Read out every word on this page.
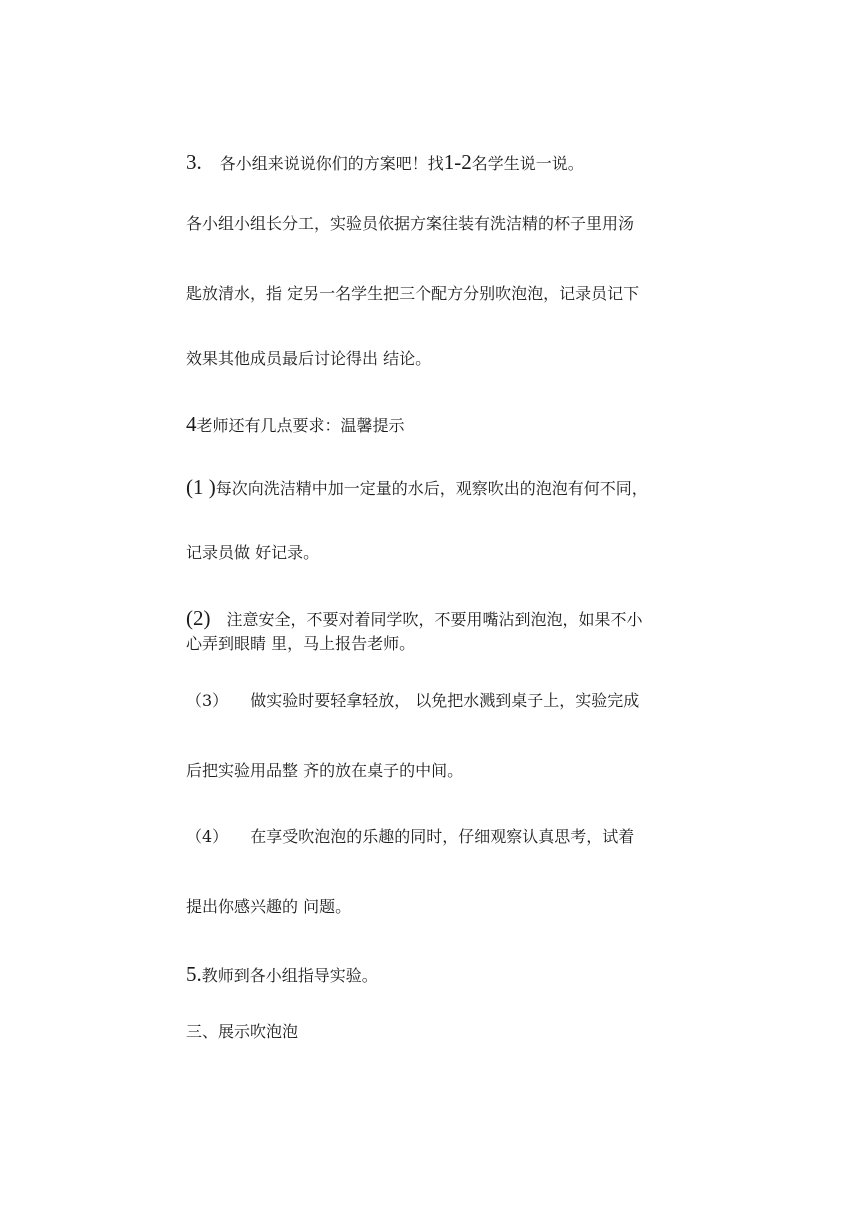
3. 各小组来说说你们的方案吧！找1-2名学生说一说。
各小组小组长分工，实验员依据方案往装有洗洁精的杯子里用汤
匙放清水，指 定另一名学生把三个配方分别吹泡泡，记录员记下
效果其他成员最后讨论得出 结论。
4老师还有几点要求：温馨提示
(1 )每次向洗洁精中加一定量的水后，观察吹出的泡泡有何不同，
记录员做 好记录。
(2) 注意安全，不要对着同学吹，不要用嘴沾到泡泡，如果不小
心弄到眼睛 里，马上报告老师。
（3） 做实验时要轻拿轻放， 以免把水溅到桌子上，实验完成
后把实验用品整 齐的放在桌子的中间。
（4） 在享受吹泡泡的乐趣的同时，仔细观察认真思考，试着
提出你感兴趣的 问题。
5.教师到各小组指导实验。
三、展示吹泡泡
